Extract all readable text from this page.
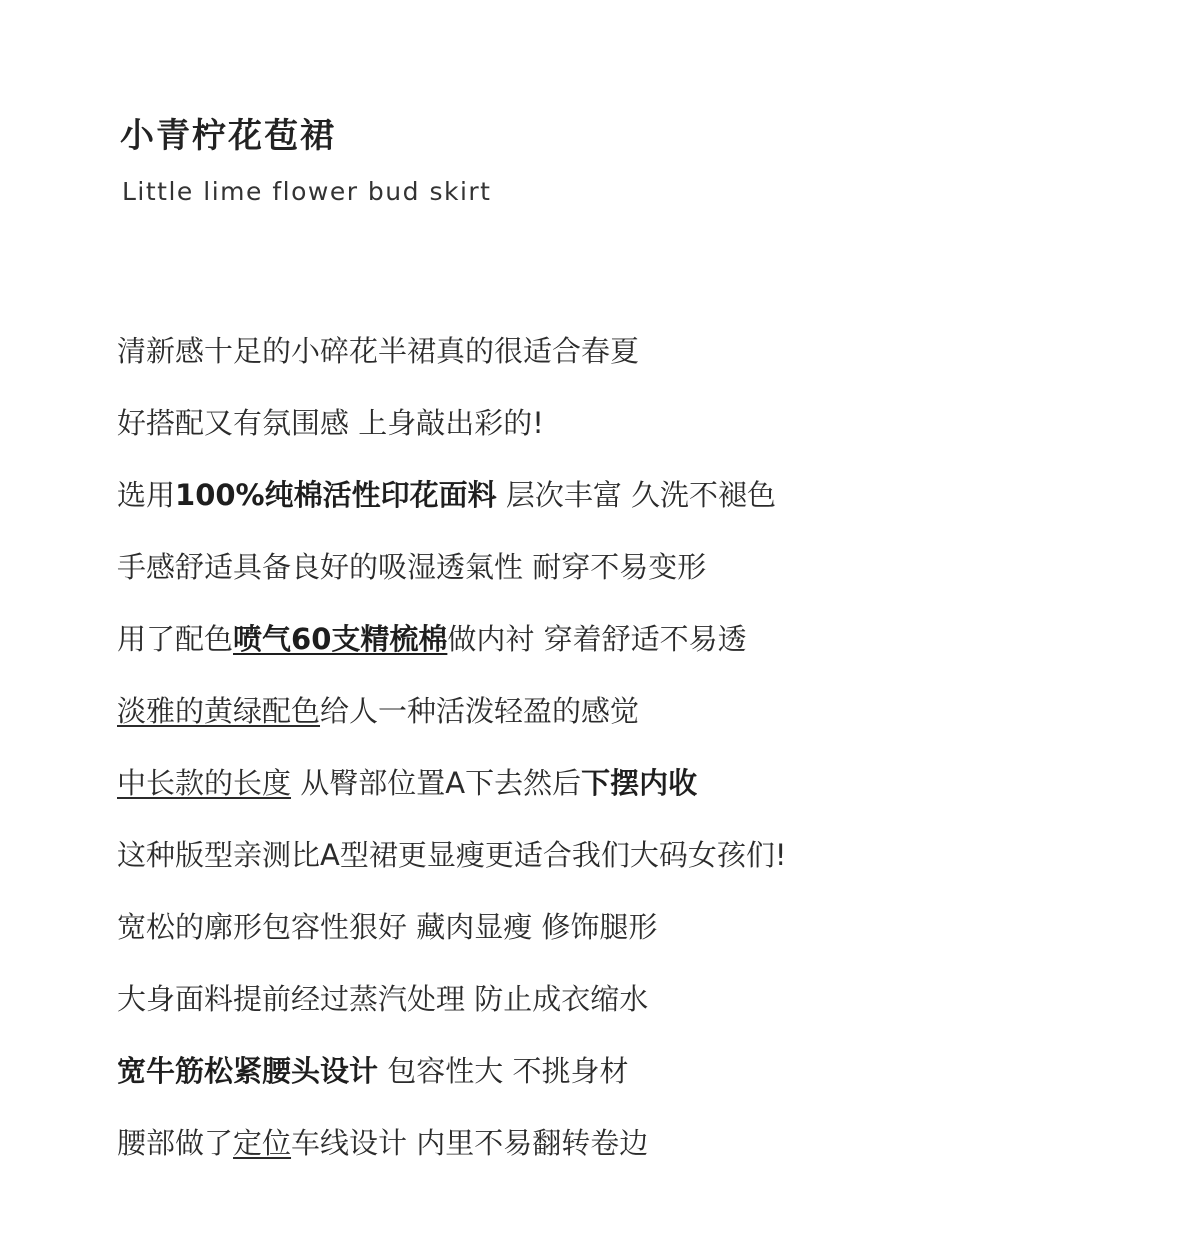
小青柠花苞裙
Little lime flower bud skirt
清新感十足的小碎花半裙真的很适合春夏
好搭配又有氛围感 上身敲出彩的!
选用100%纯棉活性印花面料 层次丰富 久洗不褪色
手感舒适具备良好的吸湿透氣性 耐穿不易变形
用了配色喷气60支精梳棉做内衬 穿着舒适不易透
淡雅的黄绿配色给人一种活泼轻盈的感觉
中长款的长度 从臀部位置A下去然后下摆内收
这种版型亲测比A型裙更显瘦更适合我们大码女孩们!
宽松的廓形包容性狠好 藏肉显瘦 修饰腿形
大身面料提前经过蒸汽处理 防止成衣缩水
宽牛筋松紧腰头设计 包容性大 不挑身材
腰部做了定位车线设计 内里不易翻转卷边
